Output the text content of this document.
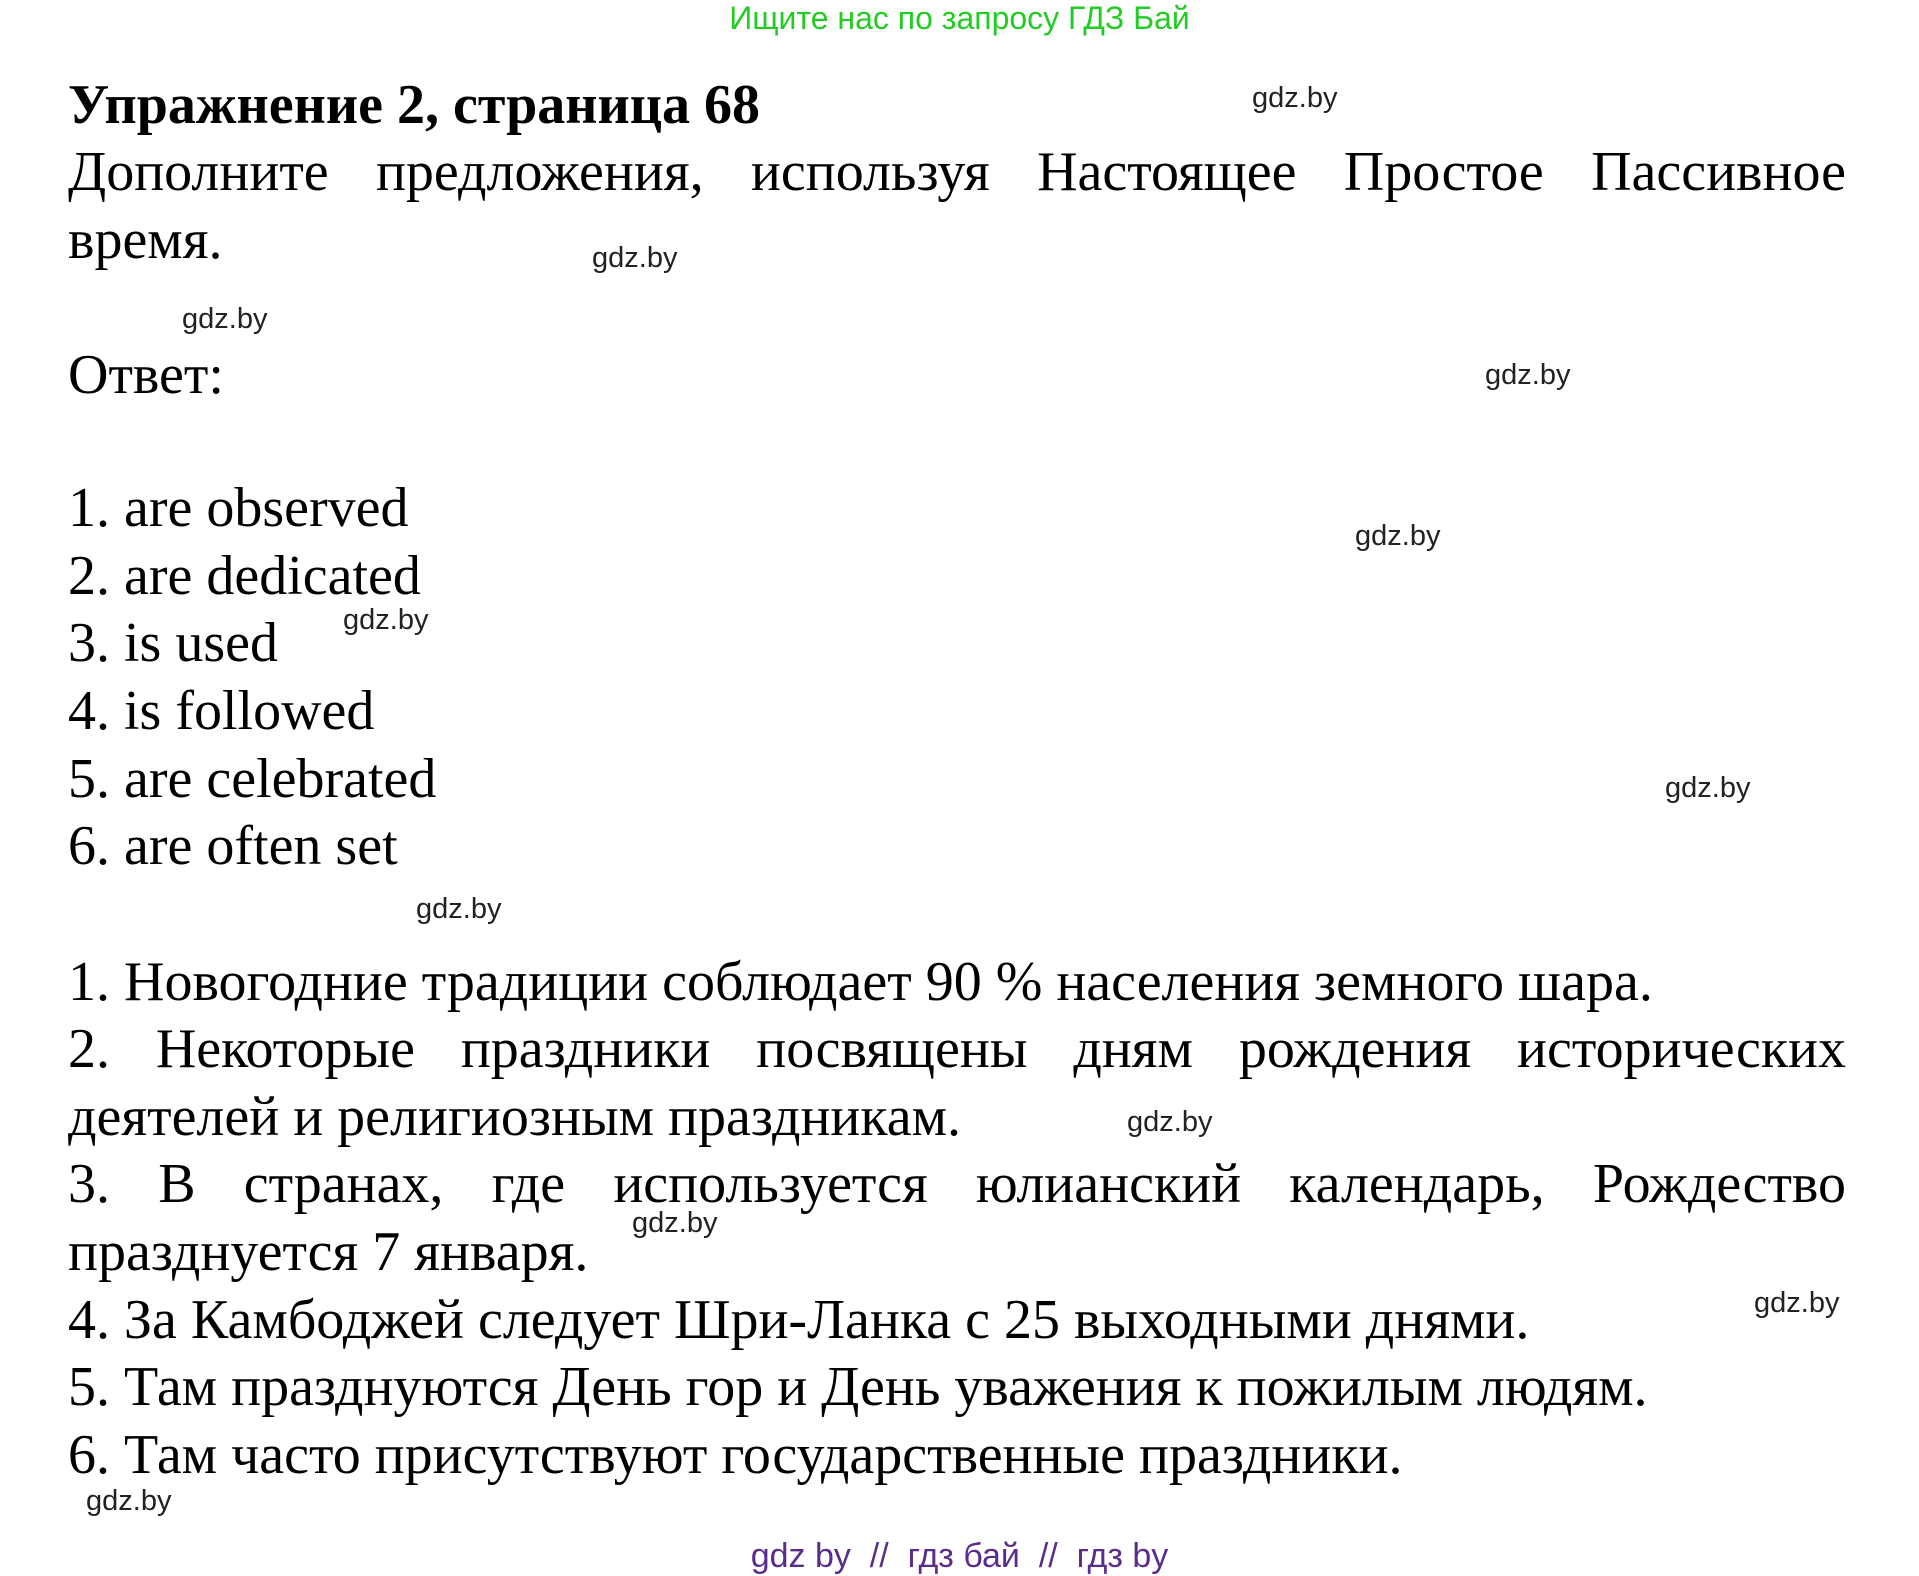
Ищите нас по запросу ГДЗ Бай
Упражнение 2, страница 68
Дополните предложения, используя Настоящее Простое Пассивное
время.
Ответ:
1. are observed
2. are dedicated
3. is used
4. is followed
5. are celebrated
6. are often set
1. Новогодние традиции соблюдает 90 % населения земного шара.
2. Некоторые праздники посвящены дням рождения исторических
деятелей и религиозным праздникам.
3. В странах, где используется юлианский календарь, Рождество
празднуется 7 января.
4. За Камбоджей следует Шри-Ланка с 25 выходными днями.
5. Там празднуются День гор и День уважения к пожилым людям.
6. Там часто присутствуют государственные праздники.
gdz.by
gdz.by
gdz.by
gdz.by
gdz.by
gdz.by
gdz.by
gdz.by
gdz.by
gdz.by
gdz.by
gdz.by
gdz by  //  гдз бай  //  гдз by
